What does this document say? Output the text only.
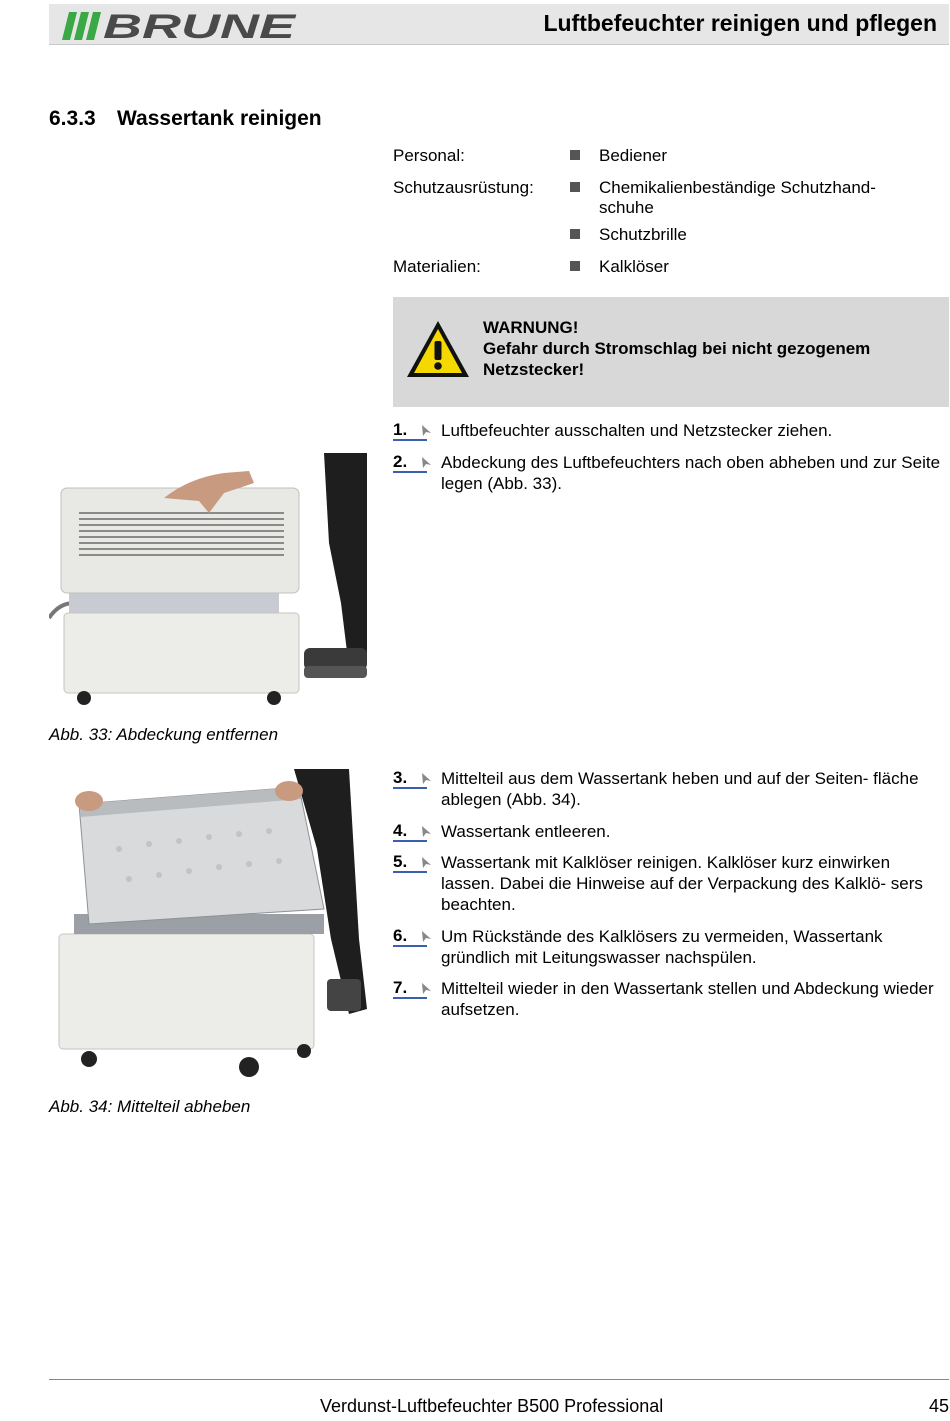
BRUNE	Luftbefeuchter reinigen und pflegen
6.3.3 Wassertank reinigen
Personal:	Bediener
Schutzausrüstung:	Chemikalienbeständige Schutzhand- schuhe
Schutzbrille
Materialien:	Kalklöser
WARNUNG!
Gefahr durch Stromschlag bei nicht gezogenem Netzstecker!
1.	Luftbefeuchter ausschalten und Netzstecker ziehen.
2.	Abdeckung des Luftbefeuchters nach oben abheben und zur Seite legen (Abb. 33).
Abb. 33: Abdeckung entfernen
Abb. 34: Mittelteil abheben
3.	Mittelteil aus dem Wassertank heben und auf der Seiten- fläche ablegen (Abb. 34).
4.	Wassertank entleeren.
5.	Wassertank mit Kalklöser reinigen. Kalklöser kurz einwirken lassen. Dabei die Hinweise auf der Verpackung des Kalklö- sers beachten.
6.	Um Rückstände des Kalklösers zu vermeiden, Wassertank gründlich mit Leitungswasser nachspülen.
7.	Mittelteil wieder in den Wassertank stellen und Abdeckung wieder aufsetzen.
Verdunst-Luftbefeuchter B500 Professional	45
